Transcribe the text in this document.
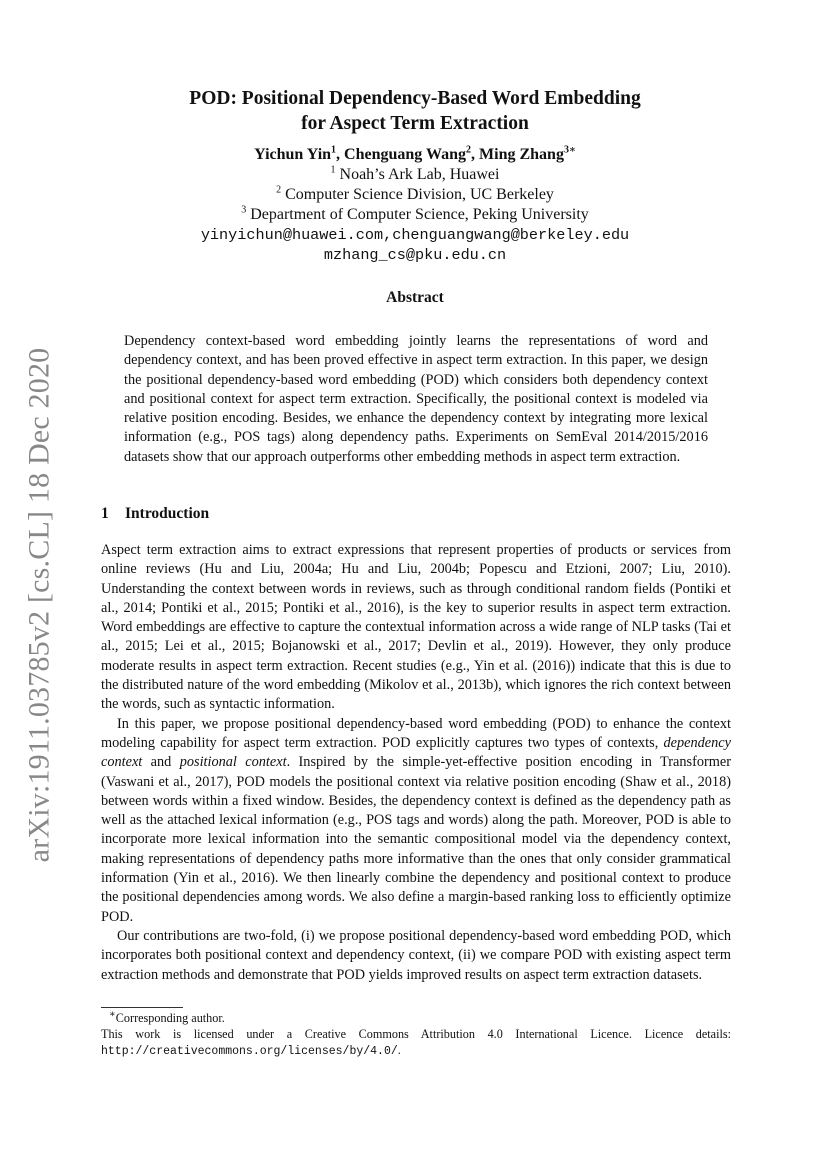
arXiv:1911.03785v2 [cs.CL] 18 Dec 2020
POD: Positional Dependency-Based Word Embedding
for Aspect Term Extraction
Yichun Yin$^1$, Chenguang Wang$^2$, Ming Zhang$^{3∗}$
$^1$ Noah’s Ark Lab, Huawei
$^2$ Computer Science Division, UC Berkeley
$^3$ Department of Computer Science, Peking University
yinyichun@huawei.com,chenguangwang@berkeley.edu
mzhang_cs@pku.edu.cn
Abstract
Dependency context-based word embedding jointly learns the representations of word and dependency context, and has been proved effective in aspect term extraction. In this paper, we design the positional dependency-based word embedding (POD) which considers both dependency context and positional context for aspect term extraction. Specifically, the positional context is modeled via relative position encoding. Besides, we enhance the dependency context by integrating more lexical information (e.g., POS tags) along dependency paths. Experiments on SemEval 2014/2015/2016 datasets show that our approach outperforms other embedding methods in aspect term extraction.
1 Introduction

Aspect term extraction aims to extract expressions that represent properties of products or services from online reviews (Hu and Liu, 2004a; Hu and Liu, 2004b; Popescu and Etzioni, 2007; Liu, 2010). Understanding the context between words in reviews, such as through conditional random fields (Pontiki et al., 2014; Pontiki et al., 2015; Pontiki et al., 2016), is the key to superior results in aspect term extraction. Word embeddings are effective to capture the contextual information across a wide range of NLP tasks (Tai et al., 2015; Lei et al., 2015; Bojanowski et al., 2017; Devlin et al., 2019). However, they only produce moderate results in aspect term extraction. Recent studies (e.g., Yin et al. (2016)) indicate that this is due to the distributed nature of the word embedding (Mikolov et al., 2013b), which ignores the rich context between the words, such as syntactic information.

In this paper, we propose positional dependency-based word embedding (POD) to enhance the context modeling capability for aspect term extraction. POD explicitly captures two types of contexts, dependency context and positional context. Inspired by the simple-yet-effective position encoding in Transformer (Vaswani et al., 2017), POD models the positional context via relative position encoding (Shaw et al., 2018) between words within a fixed window. Besides, the dependency context is defined as the dependency path as well as the attached lexical information (e.g., POS tags and words) along the path. Moreover, POD is able to incorporate more lexical information into the semantic compositional model via the dependency context, making representations of dependency paths more informative than the ones that only consider grammatical information (Yin et al., 2016). We then linearly combine the dependency and positional context to produce the positional dependencies among words. We also define a margin-based ranking loss to efficiently optimize POD.

Our contributions are two-fold, (i) we propose positional dependency-based word embedding POD, which incorporates both positional context and dependency context, (ii) we compare POD with existing aspect term extraction methods and demonstrate that POD yields improved results on aspect term extraction datasets.

∗Corresponding author.

This work is licensed under a Creative Commons Attribution 4.0 International Licence. Licence details: http://creativecommons.org/licenses/by/4.0/.
